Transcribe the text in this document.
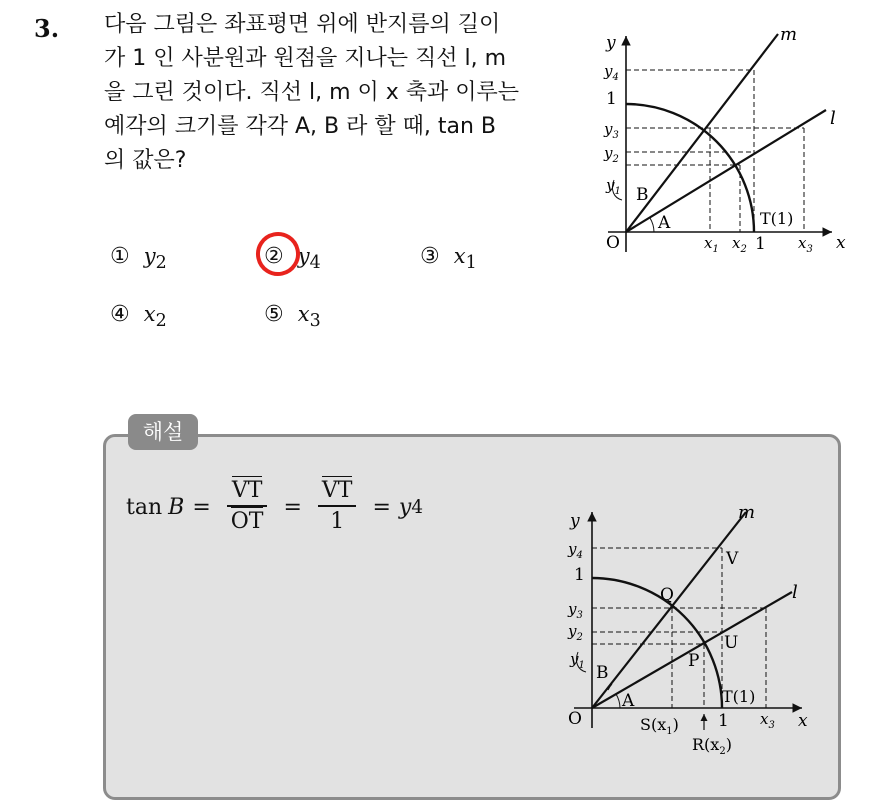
3. 다음 그림은 좌표평면 위에 반지름의 길이
가 1 인 사분원과 원점을 지나는 직선 l, m
을 그린 것이다. 직선 l, m 이 x 축과 이루는
예각의 크기를 각각 A, B 라 할 때, tan B
의 값은?
① $y_2$	② $y_4$	③ $x_1$
④ $x_2$	⑤ $x_3$
y
x
O
1
1
m
l
A
B
T(1)
$y_4$
$y_3$
$y_2$
$y_1$
$x_1$ $x_2$	$x_3$
해설
$\tan B = \frac{VT}{OT} = \frac{VT}{1} = y$ 4
y
x
O
1
1
m
l
A
B
T(1)
V
Q
U
P
$S(x_1)$
$R(x_2)$
$y_4$
$y_3$
$y_2$
$y_1$
$x_3$
